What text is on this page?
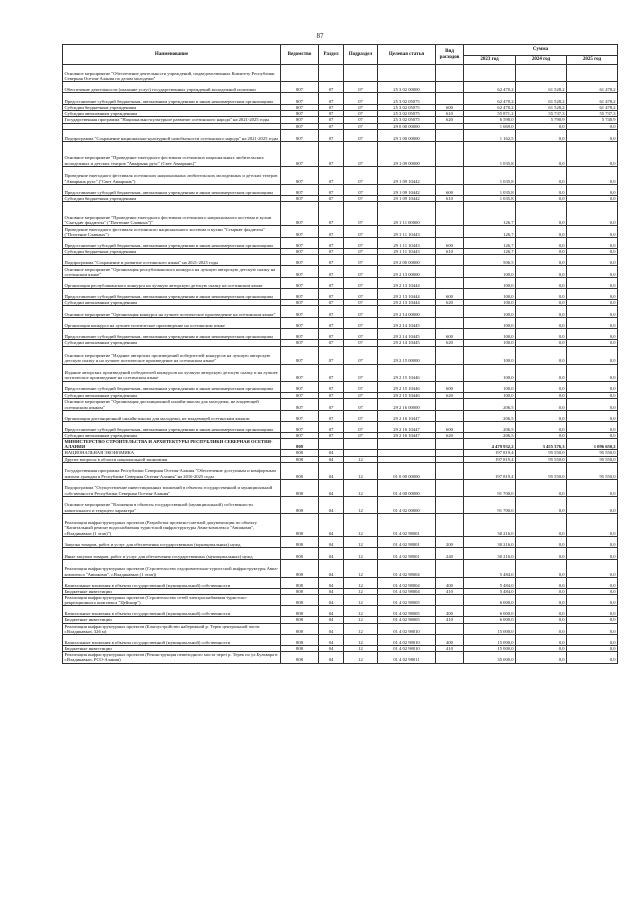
87
Наименование	Ведомство	Раздел	Подраздел	Целевая статья	Вид расходов	Сумма		
						2023 год	2024 год	2025 год
Основное мероприятие "Обеспечение деятельности учреждений, подведомственных Комитету Республики Северная Осетия-Алания по делам молодежи"								
Обеспечение деятельности (оказание услуг) государственных учреждений молодежной политики	807	07	07	25 3 02 00000		62 470,2	61 528,2	61 478,2
Предоставление субсидий бюджетным, автономным учреждениям и иным некоммерческим организациям	807	07	07	25 3 02 05075		62 470,2	61 528,2	61 478,2
Субсидии бюджетным учреждениям	807	07	07	25 3 02 05075	600	62 470,2	61 528,2	61 478,2
Субсидии автономным учреждениям	807	07	07	25 3 02 05075	610	55 871,2	55 737,3	55 737,3
Государственная программа "Национально-культурное развитие осетинского народа" на 2021-2025 годы	807	07	07	25 3 02 05075	620	6 598,0	5 790,9	5 740,9
	807	07	07	29 0 00 00000		1 669,0	0,0	0,0
Подпрограмма "Сохранение национально-культурной самобытности осетинского народа" на 2021-2025 годы	807	07	07	29 1 00 00000		1 162,5	0,0	0,0
Основное мероприятие "Проведение ежегодного фестиваля осетинских национальных любительских молодежных и детских театров "Аваарынь рухс" (Свет Аваарынь)"	807	07	07	29 1 09 00000		1 035,8	0,0	0,0
Проведение ежегодного фестиваля осетинских национальных любительских молодежных и детских театров "Аваарынь рухс" ("Свет Аваарынь")	807	07	07	29 1 09 10442		1 035,8	0,0	0,0
Предоставление субсидий бюджетным, автономным учреждениям и иным некоммерческим организациям	807	07	07	29 1 09 10442	600	1 035,8	0,0	0,0
Субсидии бюджетным учреждениям	807	07	07	29 1 09 10442	610	1 035,8	0,0	0,0
Основное мероприятие "Проведение ежегодного фестиваля осетинского национального костюма и кухни "Сыгъдæг фыдæлты" ("Почтение Славных")"	807	07	07	29 1 11 00000		126,7	0,0	0,0
Проведение ежегодного фестиваля осетинского национального костюма и кухни "Стырвæг фыдæлты" ("Почтение Славных")	807	07	07	29 1 11 10443		126,7	0,0	0,0
Предоставление субсидий бюджетным, автономным учреждениям и иным некоммерческим организациям	807	07	07	29 1 11 10443	600	126,7	0,0	0,0
Субсидии бюджетным учреждениям	807	07	07	29 1 11 10443	610	126,7	0,0	0,0
Подпрограмма "Сохранение и развитие осетинского языка" на 2021-2025 годы	807	07	07	29 2 00 00000		506,5	0,0	0,0
Основное мероприятие "Организация республиканского конкурса на лучшую авторскую детскую сказку на осетинском языке"	807	07	07	29 2 13 00000		100,0	0,0	0,0
Организация республиканского конкурса на лучшую авторскую детскую сказку на осетинском языке	807	07	07	29 2 13 10444		100,0	0,0	0,0
Предоставление субсидий бюджетным, автономным учреждениям и иным некоммерческим организациям	807	07	07	29 2 13 10444	600	100,0	0,0	0,0
Субсидии автономным учреждениям	807	07	07	29 2 13 10444	620	100,0	0,0	0,0
Основное мероприятие "Организация конкурса на лучшее поэтическое произведение на осетинском языке"	807	07	07	29 2 14 00000		100,0	0,0	0,0
Организация конкурса на лучшее поэтическое произведение на осетинском языке	807	07	07	29 2 14 10445		100,0	0,0	0,0
Предоставление субсидий бюджетным, автономным учреждениям и иным некоммерческим организациям	807	07	07	29 2 14 10445	600	100,0	0,0	0,0
Субсидии автономным учреждениям	807	07	07	29 2 14 10445	620	100,0	0,0	0,0
Основное мероприятие "Издание авторских произведений победителей конкурсов на лучшую авторскую детскую сказку и на лучшее поэтическое произведение на осетинском языке"	807	07	07	29 2 15 00000		100,0	0,0	0,0
Издание авторских произведений победителей конкурсов на лучшую авторскую детскую сказку и на лучшее поэтическое произведение на осетинском языке	807	07	07	29 2 15 10446		100,0	0,0	0,0
Предоставление субсидий бюджетным, автономным учреждениям и иным некоммерческим организациям	807	07	07	29 2 15 10446	600	100,0	0,0	0,0
Субсидии автономным учреждениям	807	07	07	29 2 15 10446	620	100,0	0,0	0,0
Основное мероприятие "Организация дистанционной онлайн-школы для молодежи, не владеющей осетинским языком"	807	07	07	29 2 16 00000		206,5	0,0	0,0
Организация дистанционной онлайн-школы для молодежи, не владеющей осетинским языком	807	07	07	29 2 16 10447		206,5	0,0	0,0
Предоставление субсидий бюджетным, автономным учреждениям и иным некоммерческим организациям	807	07	07	29 2 16 10447	600	206,5	0,0	0,0
Субсидии автономным учреждениям	807	07	07	29 2 16 10447	620	206,5	0,0	0,0
МИНИСТЕРСТВО СТРОИТЕЛЬСТВА И АРХИТЕКТУРЫ РЕСПУБЛИКИ СЕВЕРНАЯ ОСЕТИЯ-АЛАНИЯ	808					4 479 932,2	3 455 376,3	1 096 650,2
НАЦИОНАЛЬНАЯ ЭКОНОМИКА	808	04				197 819,4	95 550,0	95 550,0
Другие вопросы в области национальной экономики	808	04	12			197 819,4	95 550,0	95 550,0
Государственная программа Республики Северная Осетия-Алания "Обеспечение доступным и комфортным жильем граждан в Республике Северная Осетия-Алания" на 2016-2025 годы	808	04	12	01 0 00 00000		197 819,4	95 550,0	95 550,0
Подпрограмма "Осуществление инвестиционных вложений в объекты государственной и муниципальной собственности Республики Северная Осетия-Алания"	808	04	12	01 4 00 00000		91 700,0	0,0	0,0
Основное мероприятие "Вложения в объекты государственной (муниципальной) собственности капитального и текущего характера"	808	04	12	01 4 02 00000		91 700,0	0,0	0,0
Реализация инфраструктурных проектов (Разработка проектно-сметной документации по объекту "Капитальный ремонт водоснабжения туристской инфраструктуры Авиа-комплекса "Авиакомп", г.Владикавказ (1 этап)")	808	04	12	01 4 02 98001		30 216,0	0,0	0,0
Закупка товаров, работ и услуг для обеспечения государственных (муниципальных) нужд	808	04	12	01 4 02 98001	200	30 216,0	0,0	0,0
Иные закупки товаров, работ и услуг для обеспечения государственных (муниципальных) нужд	808	04	12	01 4 02 98001	240	30 216,0	0,0	0,0
Реализация инфраструктурных проектов (Строительство оздоровительно-туристской инфраструктуры Авиа-комплекса "Авиакомп", г.Владикавказ (1 этап))	808	04	12	01 4 02 98004		5 484,0	0,0	0,0
Капитальные вложения в объекты государственной (муниципальной) собственности	808	04	12	01 4 02 98004	400	5 484,0	0,0	0,0
Бюджетные инвестиции	808	04	12	01 4 02 98004	410	5 484,0	0,0	0,0
Реализация инфраструктурных проектов (Строительство сетей электроснабжения туристско-рекреационного комплекса "Цейскир")	808	04	12	01 4 02 98005		6 000,0	0,0	0,0
Капитальные вложения в объекты государственной (муниципальной) собственности	808	04	12	01 4 02 98005	400	6 000,0	0,0	0,0
Бюджетные инвестиции	808	04	12	01 4 02 98005	410	6 000,0	0,0	0,0
Реализация инфраструктурных проектов (Благоустройство набережной р. Терек центральной части г.Владикавказ, 326 м)	808	04	12	01 4 02 98010		15 000,0	0,0	0,0
Капитальные вложения в объекты государственной (муниципальной) собственности	808	04	12	01 4 02 98010	400	15 000,0	0,0	0,0
Бюджетные инвестиции	808	04	12	01 4 02 98010	410	15 000,0	0,0	0,0
Реализация инфраструктурных проектов (Реконструкция пешеходного моста через р. Терек по ул.Бульвара в г.Владикавказ, РСО-Алания)	808	04	12	01 4 02 98011		35 000,0	0,0	0,0
